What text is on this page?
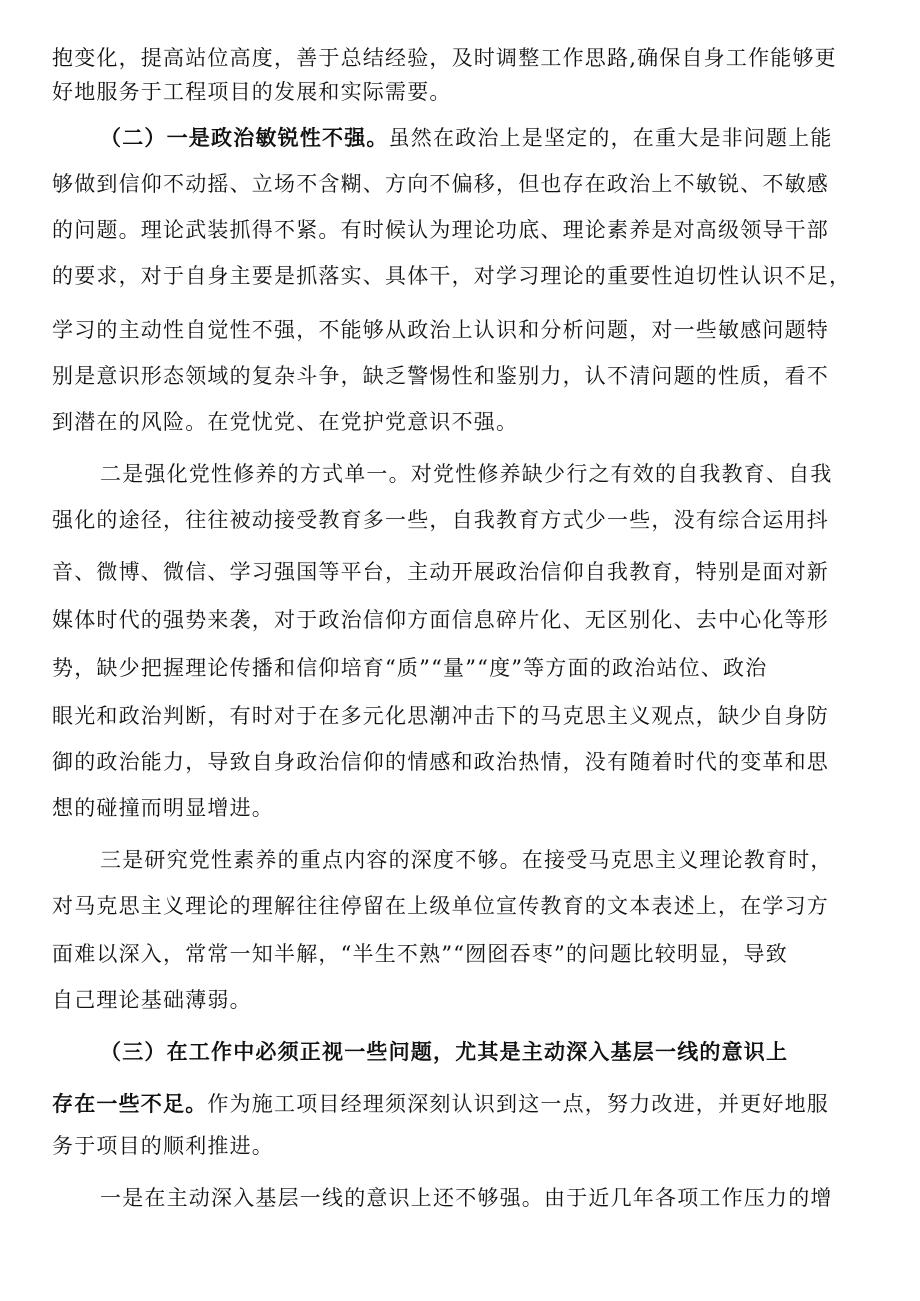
抱变化，提高站位高度，善于总结经验，及时调整工作思路,确保自身工作能够更
好地服务于工程项目的发展和实际需要。
（二）一是政治敏锐性不强。虽然在政治上是坚定的，在重大是非问题上能
够做到信仰不动摇、立场不含糊、方向不偏移，但也存在政治上不敏锐、不敏感
的问题。理论武装抓得不紧。有时候认为理论功底、理论素养是对高级领导干部
的要求，对于自身主要是抓落实、具体干，对学习理论的重要性迫切性认识不足，
学习的主动性自觉性不强，不能够从政治上认识和分析问题，对一些敏感问题特
别是意识形态领域的复杂斗争，缺乏警惕性和鉴别力，认不清问题的性质，看不
到潜在的风险。在党忧党、在党护党意识不强。
二是强化党性修养的方式单一。对党性修养缺少行之有效的自我教育、自我
强化的途径，往往被动接受教育多一些，自我教育方式少一些，没有综合运用抖
音、微博、微信、学习强国等平台，主动开展政治信仰自我教育，特别是面对新
媒体时代的强势来袭，对于政治信仰方面信息碎片化、无区别化、去中心化等形
势，缺少把握理论传播和信仰培育“质”“量”“度”等方面的政治站位、政治
眼光和政治判断，有时对于在多元化思潮冲击下的马克思主义观点，缺少自身防
御的政治能力，导致自身政治信仰的情感和政治热情，没有随着时代的变革和思
想的碰撞而明显增进。
三是研究党性素养的重点内容的深度不够。在接受马克思主义理论教育时，
对马克思主义理论的理解往往停留在上级单位宣传教育的文本表述上，在学习方
面难以深入，常常一知半解，“半生不熟”“囫囵吞枣”的问题比较明显，导致
自己理论基础薄弱。
（三）在工作中必须正视一些问题，尤其是主动深入基层一线的意识上
存在一些不足。作为施工项目经理须深刻认识到这一点，努力改进，并更好地服
务于项目的顺利推进。
一是在主动深入基层一线的意识上还不够强。由于近几年各项工作压力的增
